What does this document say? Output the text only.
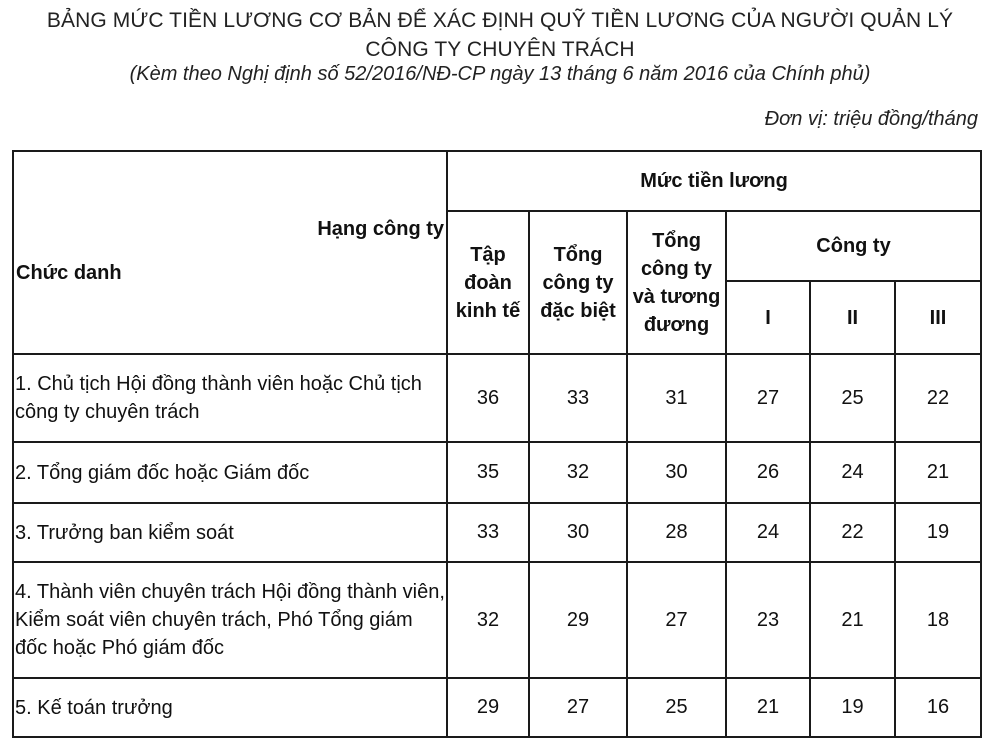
BẢNG MỨC TIỀN LƯƠNG CƠ BẢN ĐỂ XÁC ĐỊNH QUỸ TIỀN LƯƠNG CỦA NGƯỜI QUẢN LÝ
CÔNG TY CHUYÊN TRÁCH
(Kèm theo Nghị định số 52/2016/NĐ-CP ngày 13 tháng 6 năm 2016 của Chính phủ)
Đơn vị: triệu đồng/tháng
Hạng công ty
Chức danh	Mức tiền lương					
	Tập đoàn kinh tế	Tổng công ty đặc biệt	Tổng công ty và tương đương	Công ty		
				I	II	III
1. Chủ tịch Hội đồng thành viên hoặc Chủ tịch công ty chuyên trách	36	33	31	27	25	22
2. Tổng giám đốc hoặc Giám đốc	35	32	30	26	24	21
3. Trưởng ban kiểm soát	33	30	28	24	22	19
4. Thành viên chuyên trách Hội đồng thành viên, Kiểm soát viên chuyên trách, Phó Tổng giám đốc hoặc Phó giám đốc	32	29	27	23	21	18
5. Kế toán trưởng	29	27	25	21	19	16
